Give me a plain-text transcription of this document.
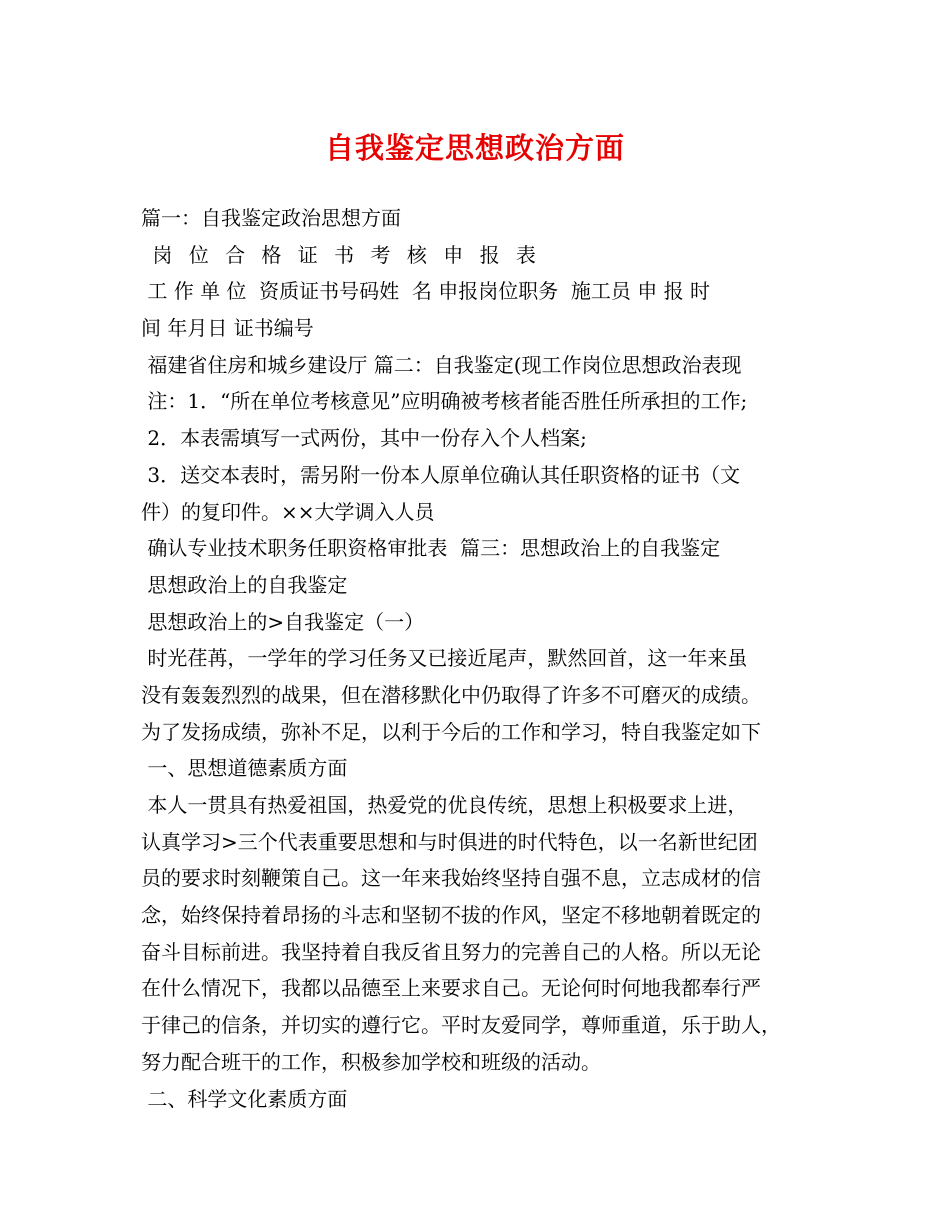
自我鉴定思想政治方面
篇一：自我鉴定政治思想方面
岗 位 合 格 证 书 考 核 申 报 表
工 作 单 位  资质证书号码姓  名 申报岗位职务  施工员 申 报 时
间 年月日 证书编号
福建省住房和城乡建设厅 篇二：自我鉴定(现工作岗位思想政治表现
注：1．“所在单位考核意见”应明确被考核者能否胜任所承担的工作;
2．本表需填写一式两份，其中一份存入个人档案;
3．送交本表时，需另附一份本人原单位确认其任职资格的证书（文
件）的复印件。××大学调入人员
确认专业技术职务任职资格审批表  篇三：思想政治上的自我鉴定
思想政治上的自我鉴定
思想政治上的>自我鉴定（一）
时光荏苒，一学年的学习任务又已接近尾声，默然回首，这一年来虽
没有轰轰烈烈的战果，但在潜移默化中仍取得了许多不可磨灭的成绩。
为了发扬成绩，弥补不足，以利于今后的工作和学习，特自我鉴定如下
一、思想道德素质方面
本人一贯具有热爱祖国，热爱党的优良传统，思想上积极要求上进，
认真学习>三个代表重要思想和与时俱进的时代特色，以一名新世纪团
员的要求时刻鞭策自己。这一年来我始终坚持自强不息，立志成材的信
念，始终保持着昂扬的斗志和坚韧不拔的作风，坚定不移地朝着既定的
奋斗目标前进。我坚持着自我反省且努力的完善自己的人格。所以无论
在什么情况下，我都以品德至上来要求自己。无论何时何地我都奉行严
于律己的信条，并切实的遵行它。平时友爱同学，尊师重道，乐于助人，
努力配合班干的工作，积极参加学校和班级的活动。
二、科学文化素质方面
